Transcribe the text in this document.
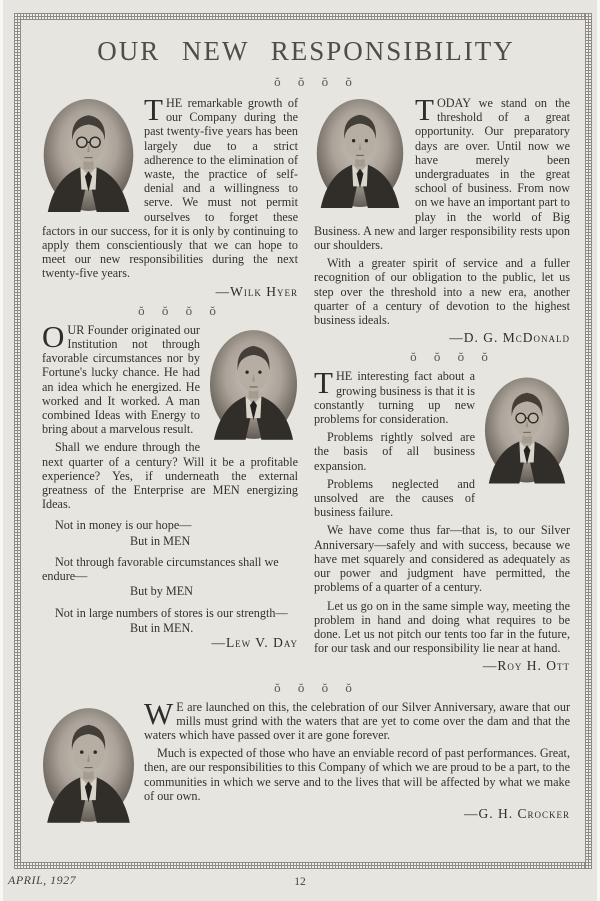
OUR NEW RESPONSIBILITY
ŏ ŏ ŏ ŏ

THE remarkable growth of our Company during the past twenty-five years has been largely due to a strict adherence to the elimination of waste, the practice of self-denial and a willingness to serve. We must not permit ourselves to forget these factors in our success, for it is only by continuing to apply them conscientiously that we can hope to meet our new responsibilities during the next twenty-five years.

—Wilk Hyer

ŏ ŏ ŏ ŏ

OUR Founder originated our Institution not through favorable circumstances nor by Fortune's lucky chance. He had an idea which he energized. He worked and It worked. A man combined Ideas with Energy to bring about a marvelous result.

Shall we endure through the next quarter of a century? Will it be a profitable experience? Yes, if underneath the external greatness of the Enterprise are MEN energizing Ideas.

Not in money is our hope—

But in MEN

Not through favorable circumstances shall we endure—

But by MEN

Not in large numbers of stores is our strength—

But in MEN.

—Lew V. Day

TODAY we stand on the threshold of a great opportunity. Our preparatory days are over. Until now we have merely been undergraduates in the great school of business. From now on we have an important part to play in the world of Big Business. A new and larger responsibility rests upon our shoulders.

With a greater spirit of service and a fuller recognition of our obligation to the public, let us step over the threshold into a new era, another quarter of a century of devotion to the highest business ideals.

—D. G. McDonald

ŏ ŏ ŏ ŏ

THE interesting fact about a growing business is that it is constantly turning up new problems for consideration.

Problems rightly solved are the basis of all business expansion.

Problems neglected and unsolved are the causes of business failure.

We have come thus far—that is, to our Silver Anniversary—safely and with success, because we have met squarely and considered as adequately as our power and judgment have permitted, the problems of a quarter of a century.

Let us go on in the same simple way, meeting the problem in hand and doing what requires to be done. Let us not pitch our tents too far in the future, for our task and our responsibility lie near at hand.

—Roy H. Ott

ŏ ŏ ŏ ŏ

W E are launched on this, the celebration of our Silver Anniversary, aware that our mills must grind with the waters that are yet to come over the dam and that the waters which have passed over it are gone forever.

Much is expected of those who have an enviable record of past performances. Great, then, are our responsibilities to this Company of which we are proud to be a part, to the communities in which we serve and to the lives that will be affected by what we make of our own.

—G. H. Crocker

APRIL, 1927	12
